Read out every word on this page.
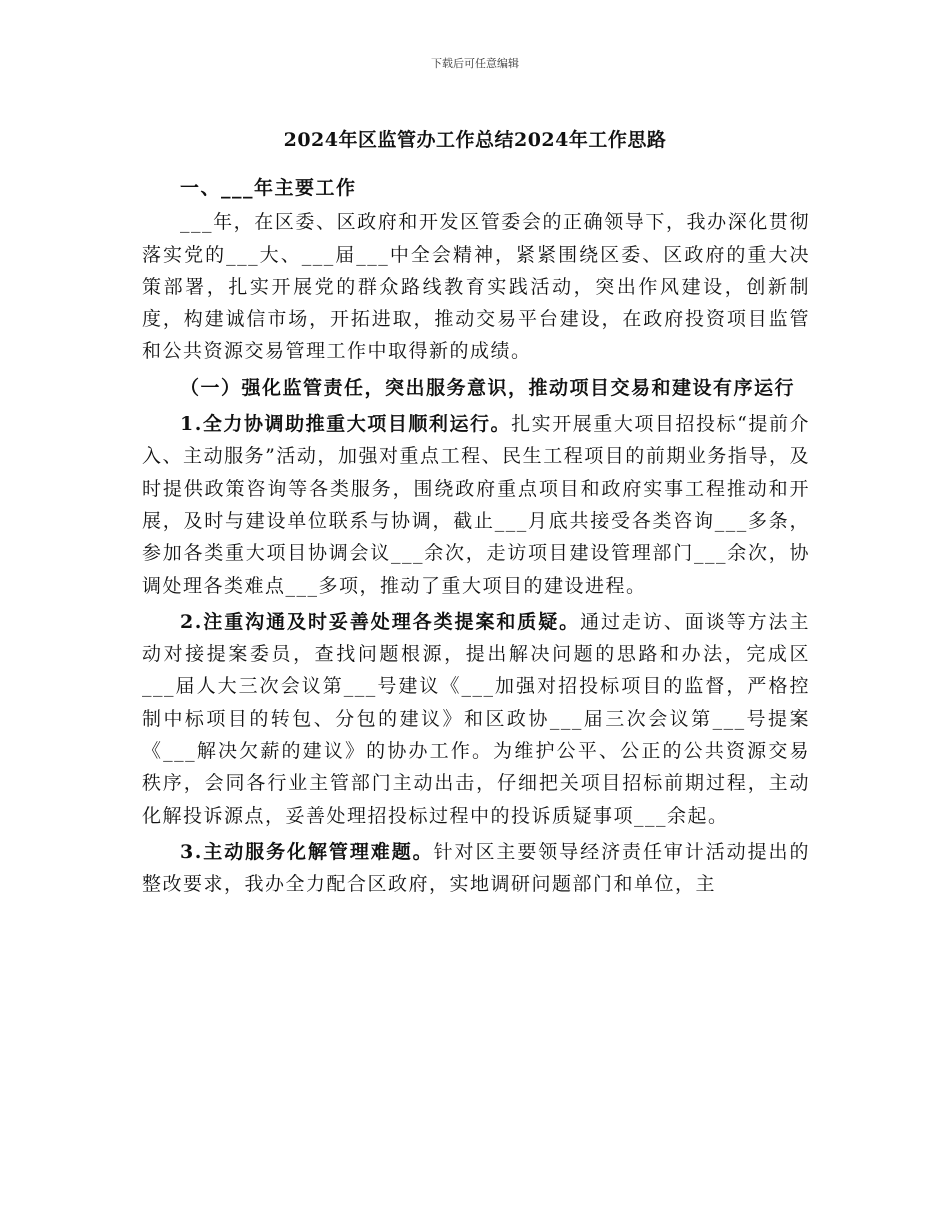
下载后可任意编辑
2024年区监管办工作总结2024年工作思路

一、___年主要工作

___年，在区委、区政府和开发区管委会的正确领导下，我办深化贯彻落实党的___大、___届___中全会精神，紧紧围绕区委、区政府的重大决策部署，扎实开展党的群众路线教育实践活动，突出作风建设，创新制度，构建诚信市场，开拓进取，推动交易平台建设，在政府投资项目监管和公共资源交易管理工作中取得新的成绩。

（一）强化监管责任，突出服务意识，推动项目交易和建设有序运行

1.全力协调助推重大项目顺利运行。扎实开展重大项目招投标“提前介入、主动服务”活动，加强对重点工程、民生工程项目的前期业务指导，及时提供政策咨询等各类服务，围绕政府重点项目和政府实事工程推动和开展，及时与建设单位联系与协调，截止___月底共接受各类咨询___多条，参加各类重大项目协调会议___余次，走访项目建设管理部门___余次，协调处理各类难点___多项，推动了重大项目的建设进程。

2.注重沟通及时妥善处理各类提案和质疑。通过走访、面谈等方法主动对接提案委员，查找问题根源，提出解决问题的思路和办法，完成区___届人大三次会议第___号建议《___加强对招投标项目的监督，严格控制中标项目的转包、分包的建议》和区政协___届三次会议第___号提案《___解决欠薪的建议》的协办工作。为维护公平、公正的公共资源交易秩序，会同各行业主管部门主动出击，仔细把关项目招标前期过程，主动化解投诉源点，妥善处理招投标过程中的投诉质疑事项___余起。

3.主动服务化解管理难题。针对区主要领导经济责任审计活动提出的整改要求，我办全力配合区政府，实地调研问题部门和单位，主
